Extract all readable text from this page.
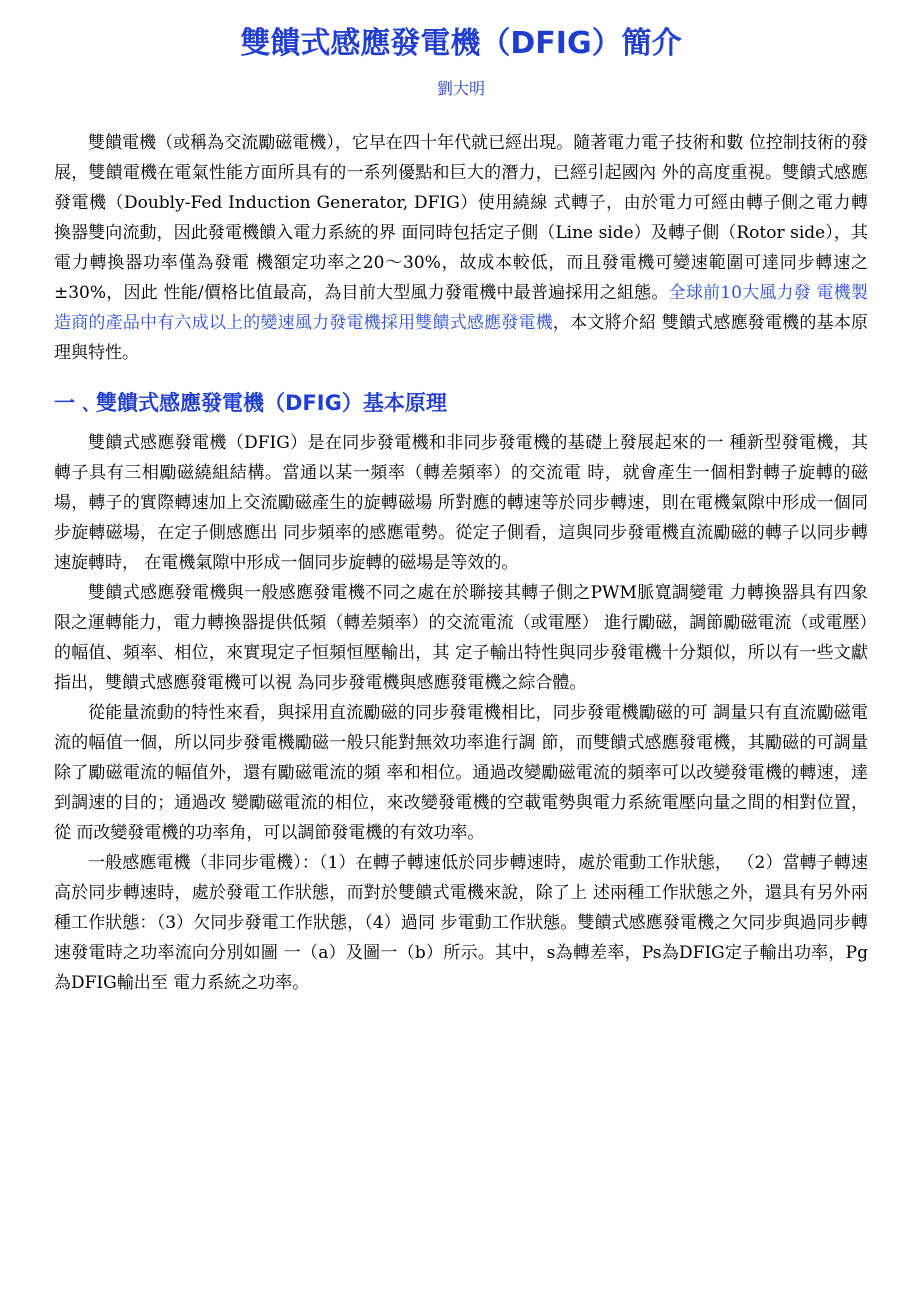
雙饋式感應發電機（DFIG）簡介
劉大明

雙饋電機（或稱為交流勵磁電機），它早在四十年代就已經出現。隨著電力電子技術和數 位控制技術的發展，雙饋電機在電氣性能方面所具有的一系列優點和巨大的潛力，已經引起國內 外的高度重視。雙饋式感應發電機（Doubly-Fed Induction Generator, DFIG）使用繞線 式轉子，由於電力可經由轉子側之電力轉換器雙向流動，因此發電機饋入電力系統的界 面同時包括定子側（Line side）及轉子側（Rotor side），其電力轉換器功率僅為發電 機額定功率之20～30%，故成本較低，而且發電機可變速範圍可達同步轉速之±30%，因此 性能/價格比值最高，為目前大型風力發電機中最普遍採用之組態。全球前10大風力發 電機製造商的產品中有六成以上的變速風力發電機採用雙饋式感應發電機，本文將介紹 雙饋式感應發電機的基本原理與特性。

一﹑雙饋式感應發電機（DFIG）基本原理

雙饋式感應發電機（DFIG）是在同步發電機和非同步發電機的基礎上發展起來的一 種新型發電機，其轉子具有三相勵磁繞組結構。當通以某一頻率（轉差頻率）的交流電 時，就會產生一個相對轉子旋轉的磁場，轉子的實際轉速加上交流勵磁產生的旋轉磁場 所對應的轉速等於同步轉速，則在電機氣隙中形成一個同步旋轉磁場，在定子側感應出 同步頻率的感應電勢。從定子側看，這與同步發電機直流勵磁的轉子以同步轉速旋轉時， 在電機氣隙中形成一個同步旋轉的磁場是等效的。

雙饋式感應發電機與一般感應發電機不同之處在於聯接其轉子側之PWM脈寬調變電 力轉換器具有四象限之運轉能力，電力轉換器提供低頻（轉差頻率）的交流電流（或電壓） 進行勵磁，調節勵磁電流（或電壓）的幅值、頻率、相位，來實現定子恒頻恒壓輸出，其 定子輸出特性與同步發電機十分類似，所以有一些文獻指出，雙饋式感應發電機可以視 為同步發電機與感應發電機之綜合體。

從能量流動的特性來看，與採用直流勵磁的同步發電機相比，同步發電機勵磁的可 調量只有直流勵磁電流的幅值一個，所以同步發電機勵磁一般只能對無效功率進行調 節，而雙饋式感應發電機，其勵磁的可調量除了勵磁電流的幅值外，還有勵磁電流的頻 率和相位。通過改變勵磁電流的頻率可以改變發電機的轉速，達到調速的目的；通過改 變勵磁電流的相位，來改變發電機的空載電勢與電力系統電壓向量之間的相對位置，從 而改變發電機的功率角，可以調節發電機的有效功率。

一般感應電機（非同步電機）：（1）在轉子轉速低於同步轉速時，處於電動工作狀態， （2）當轉子轉速高於同步轉速時，處於發電工作狀態，而對於雙饋式電機來說，除了上 述兩種工作狀態之外，還具有另外兩種工作狀態：（3）欠同步發電工作狀態，（4）過同 步電動工作狀態。雙饋式感應發電機之欠同步與過同步轉速發電時之功率流向分別如圖 一（a）及圖一（b）所示。其中，s為轉差率，Ps為DFIG定子輸出功率，Pg為DFIG輸出至 電力系統之功率。
